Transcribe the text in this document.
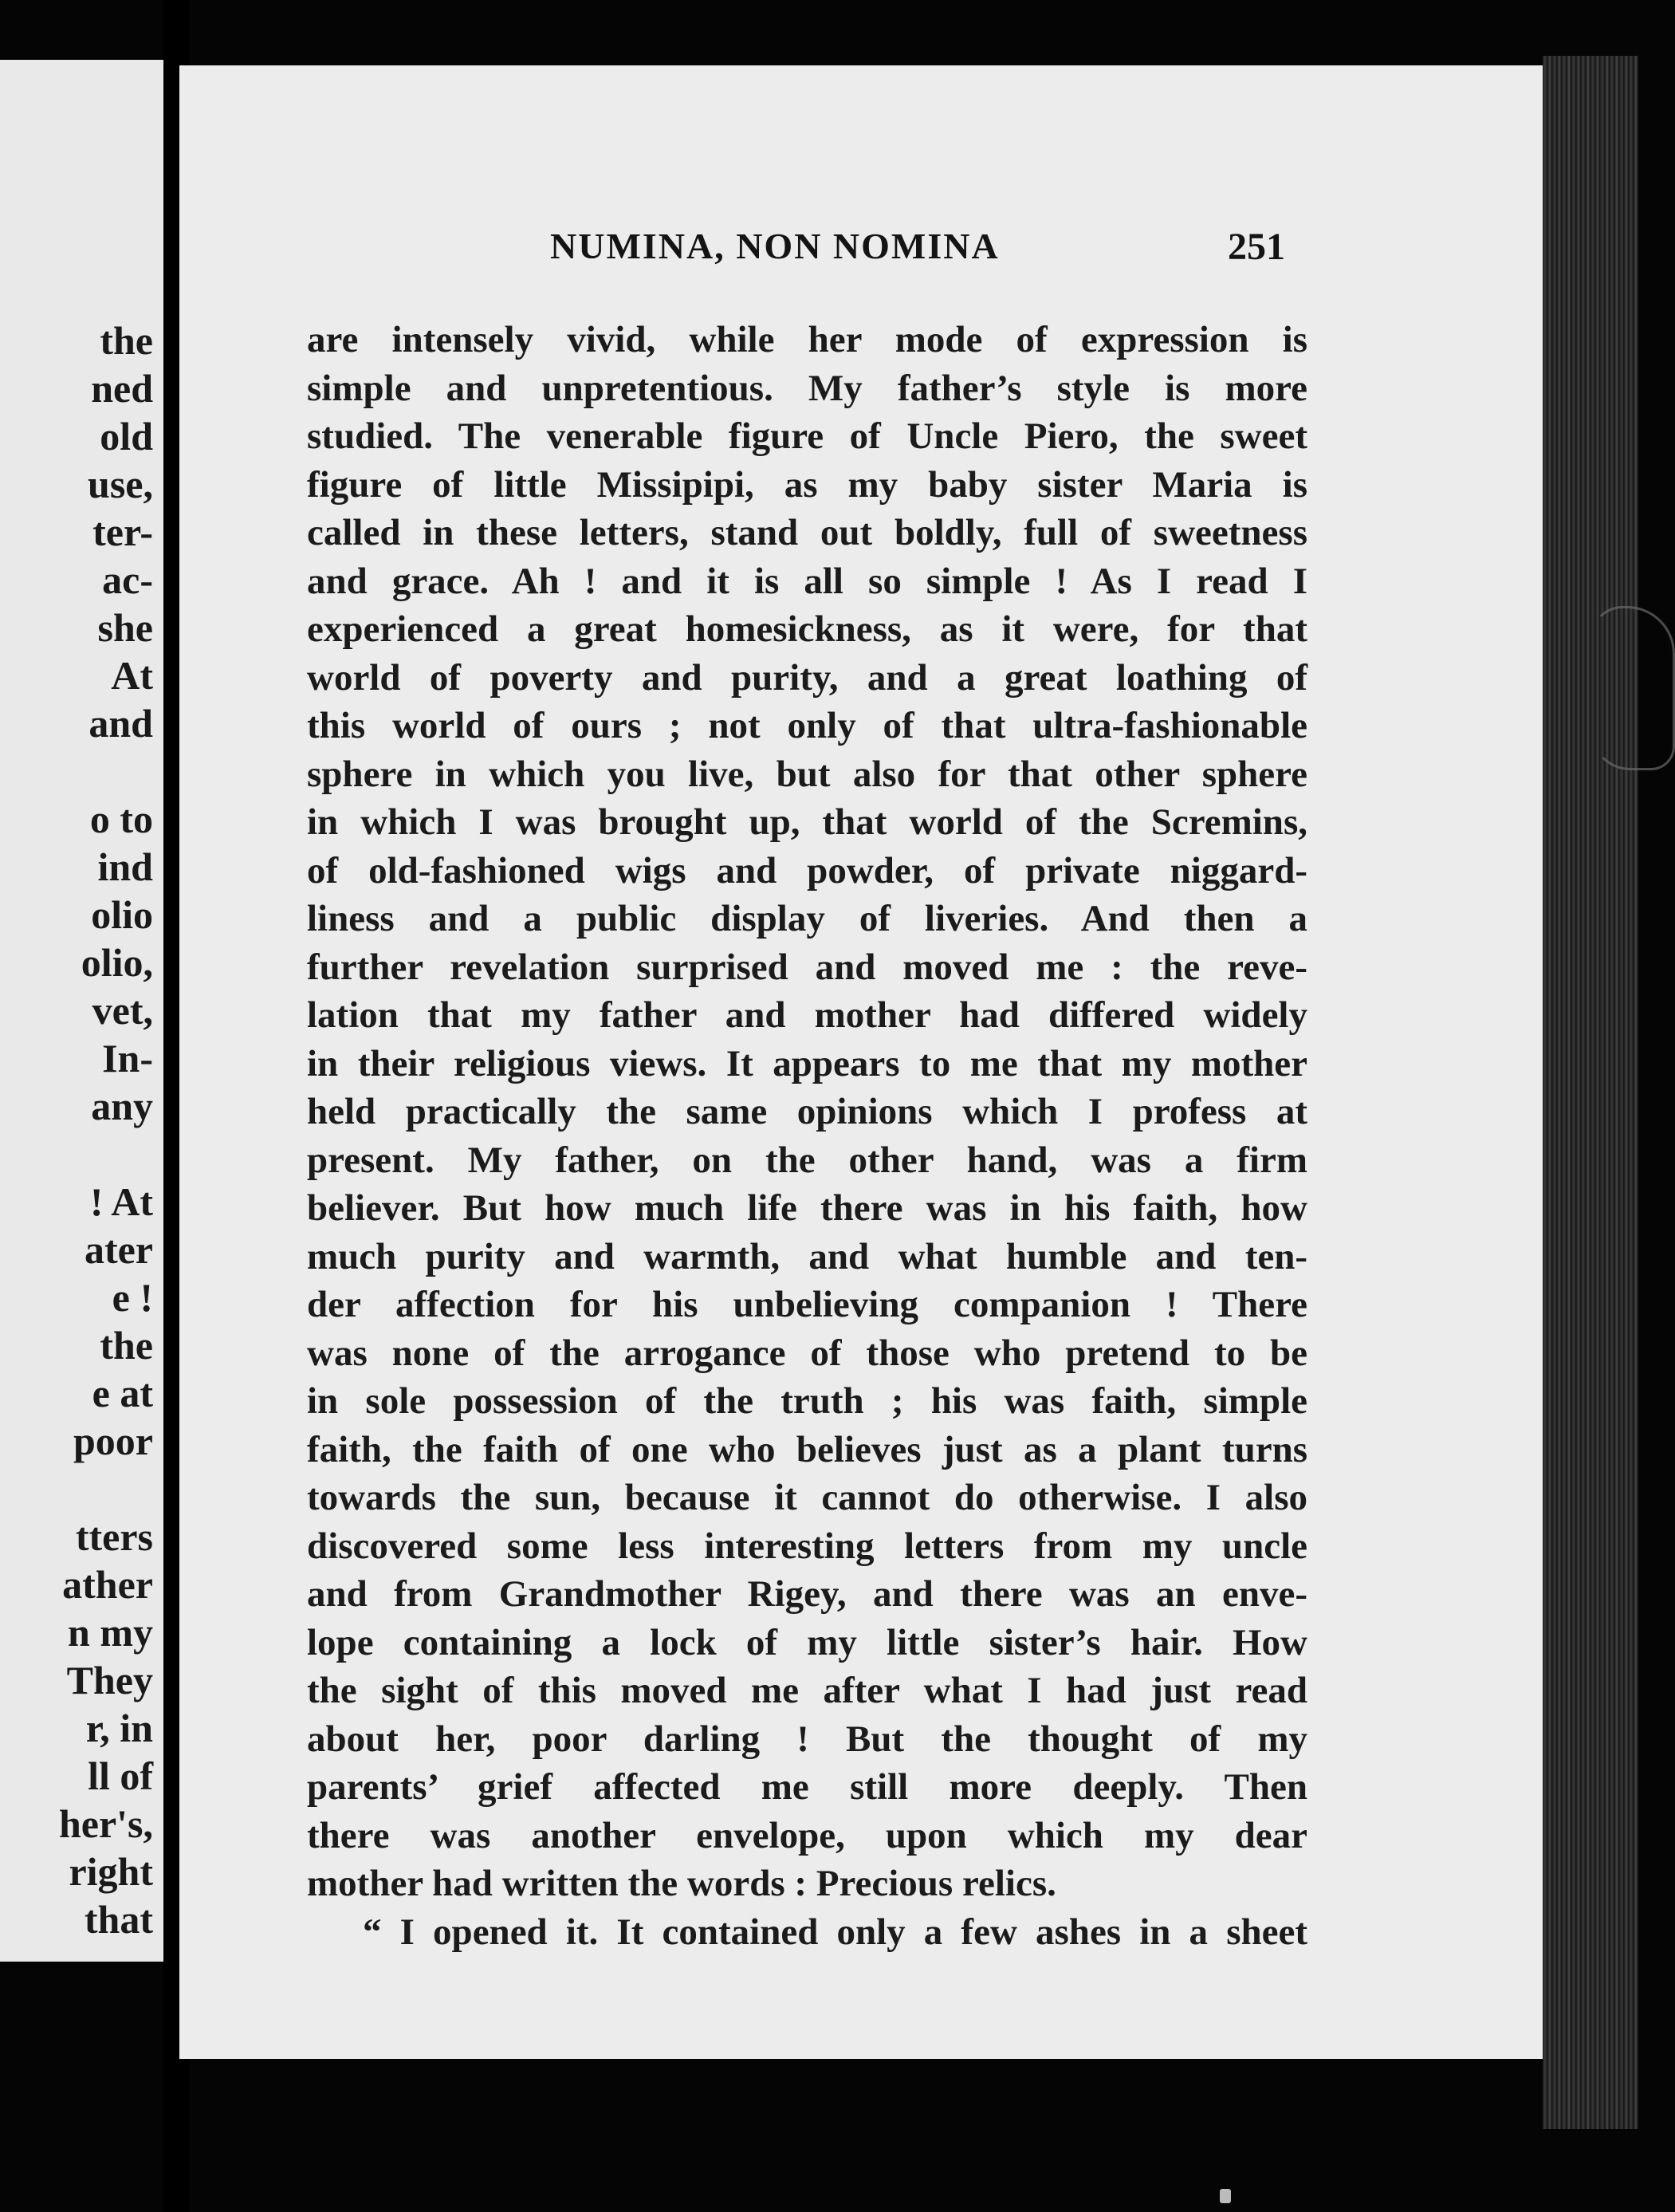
the
ned
old
use,
ter-
ac-
she
At
and
o to
ind
olio
olio,
vet,
In-
any
! At
ater
e !
the
e at
poor
tters
ather
n my
They
r, in
ll of
her's,
right
that
NUMINA, NON NOMINA	251
are intensely vivid, while her mode of expression is
simple and unpretentious. My father’s style is more
studied. The venerable figure of Uncle Piero, the sweet
figure of little Missipipi, as my baby sister Maria is
called in these letters, stand out boldly, full of sweetness
and grace. Ah ! and it is all so simple ! As I read I
experienced a great homesickness, as it were, for that
world of poverty and purity, and a great loathing of
this world of ours ; not only of that ultra-fashionable
sphere in which you live, but also for that other sphere
in which I was brought up, that world of the Scremins,
of old-fashioned wigs and powder, of private niggard-
liness and a public display of liveries. And then a
further revelation surprised and moved me : the reve-
lation that my father and mother had differed widely
in their religious views. It appears to me that my mother
held practically the same opinions which I profess at
present. My father, on the other hand, was a firm
believer. But how much life there was in his faith, how
much purity and warmth, and what humble and ten-
der affection for his unbelieving companion ! There
was none of the arrogance of those who pretend to be
in sole possession of the truth ; his was faith, simple
faith, the faith of one who believes just as a plant turns
towards the sun, because it cannot do otherwise. I also
discovered some less interesting letters from my uncle
and from Grandmother Rigey, and there was an enve-
lope containing a lock of my little sister’s hair. How
the sight of this moved me after what I had just read
about her, poor darling ! But the thought of my
parents’ grief affected me still more deeply. Then
there was another envelope, upon which my dear
mother had written the words : Precious relics.
“ I opened it. It contained only a few ashes in a sheet
